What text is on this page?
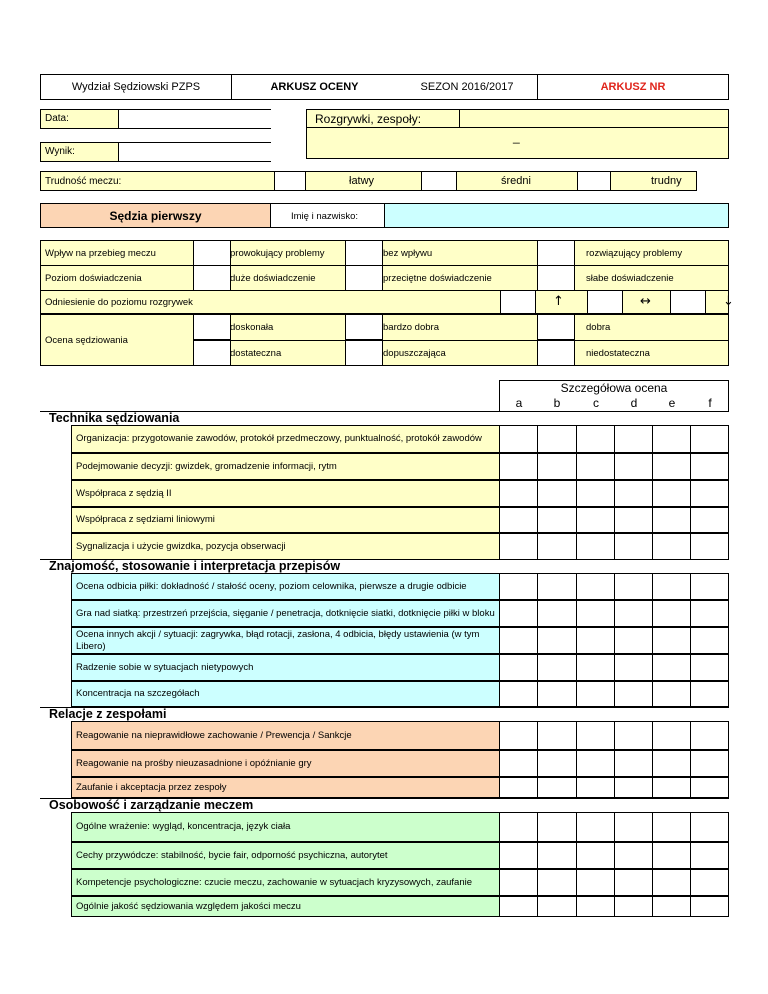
Wydział Sędziowski PZPS	ARKUSZ OCENY	SEZON 2016/2017	ARKUSZ NR
Data:	Rozgrywki, zespoły:
_
Wynik:
Trudność meczu:	łatwy	średni	trudny
Sędzia pierwszy	Imię i nazwisko:
Wpływ na przebieg meczu	prowokujący problemy	bez wpływu	rozwiązujący problemy
Poziom doświadczenia	duże doświadczenie	przeciętne doświadczenie	słabe doświadczenie
Odniesienie do poziomu rozgrywek	↑	↔	↓
Ocena sędziowania
doskonała	bardzo dobra	dobra
dostateczna	dopuszczająca	niedostateczna
Szczegółowa ocena
a	b	c	d	e	f
Technika sędziowania
Organizacja: przygotowanie zawodów, protokół przedmeczowy, punktualność, protokół zawodów
Podejmowanie decyzji: gwizdek, gromadzenie informacji, rytm
Współpraca z sędzią II
Współpraca z sędziami liniowymi
Sygnalizacja i użycie gwizdka, pozycja obserwacji
Znajomość, stosowanie i interpretacja przepisów
Ocena odbicia piłki: dokładność / stałość oceny, poziom celownika, pierwsze a drugie odbicie
Gra nad siatką: przestrzeń przejścia, sięganie / penetracja, dotknięcie siatki, dotknięcie piłki w bloku
Ocena innych akcji / sytuacji: zagrywka, błąd rotacji, zasłona, 4 odbicia, błędy ustawienia (w tym Libero)
Radzenie sobie w sytuacjach nietypowych
Koncentracja na szczegółach
Relacje z zespołami
Reagowanie na nieprawidłowe zachowanie / Prewencja / Sankcje
Reagowanie na prośby nieuzasadnione i opóźnianie gry
Zaufanie i akceptacja przez zespoły
Osobowość i zarządzanie meczem
Ogólne wrażenie: wygląd, koncentracja, język ciała
Cechy przywódcze: stabilność, bycie fair, odporność psychiczna, autorytet
Kompetencje psychologiczne: czucie meczu, zachowanie w sytuacjach kryzysowych, zaufanie
Ogólnie jakość sędziowania względem jakości meczu
